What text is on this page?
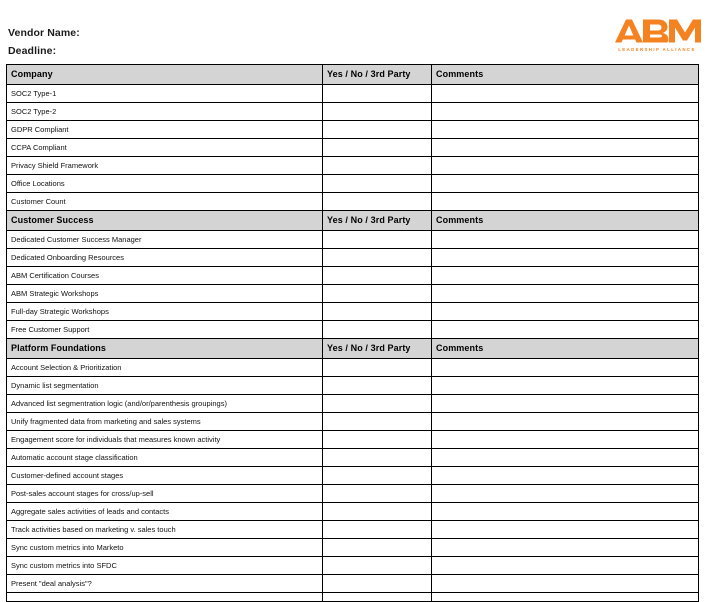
Vendor Name:
Deadline:	LEADERSHIP ALLIANCE
Company	Yes / No / 3rd Party	Comments
SOC2 Type-1		
SOC2 Type-2		
GDPR Compliant		
CCPA Compliant		
Privacy Shield Framework		
Office Locations		
Customer Count		
Customer Success	Yes / No / 3rd Party	Comments
Dedicated Customer Success Manager		
Dedicated Onboarding Resources		
ABM Certification Courses		
ABM Strategic Workshops		
Full-day Strategic Workshops		
Free Customer Support		
Platform Foundations	Yes / No / 3rd Party	Comments
Account Selection & Prioritization		
Dynamic list segmentation		
Advanced list segmentration logic (and/or/parenthesis groupings)		
Unify fragmented data from marketing and sales systems		
Engagement score for individuals that measures known activity		
Automatic account stage classification		
Customer-defined account stages		
Post-sales account stages for cross/up-sell		
Aggregate sales activities of leads and contacts		
Track activities based on marketing v. sales touch		
Sync custom metrics into Marketo		
Sync custom metrics into SFDC		
Present "deal analysis"?		
